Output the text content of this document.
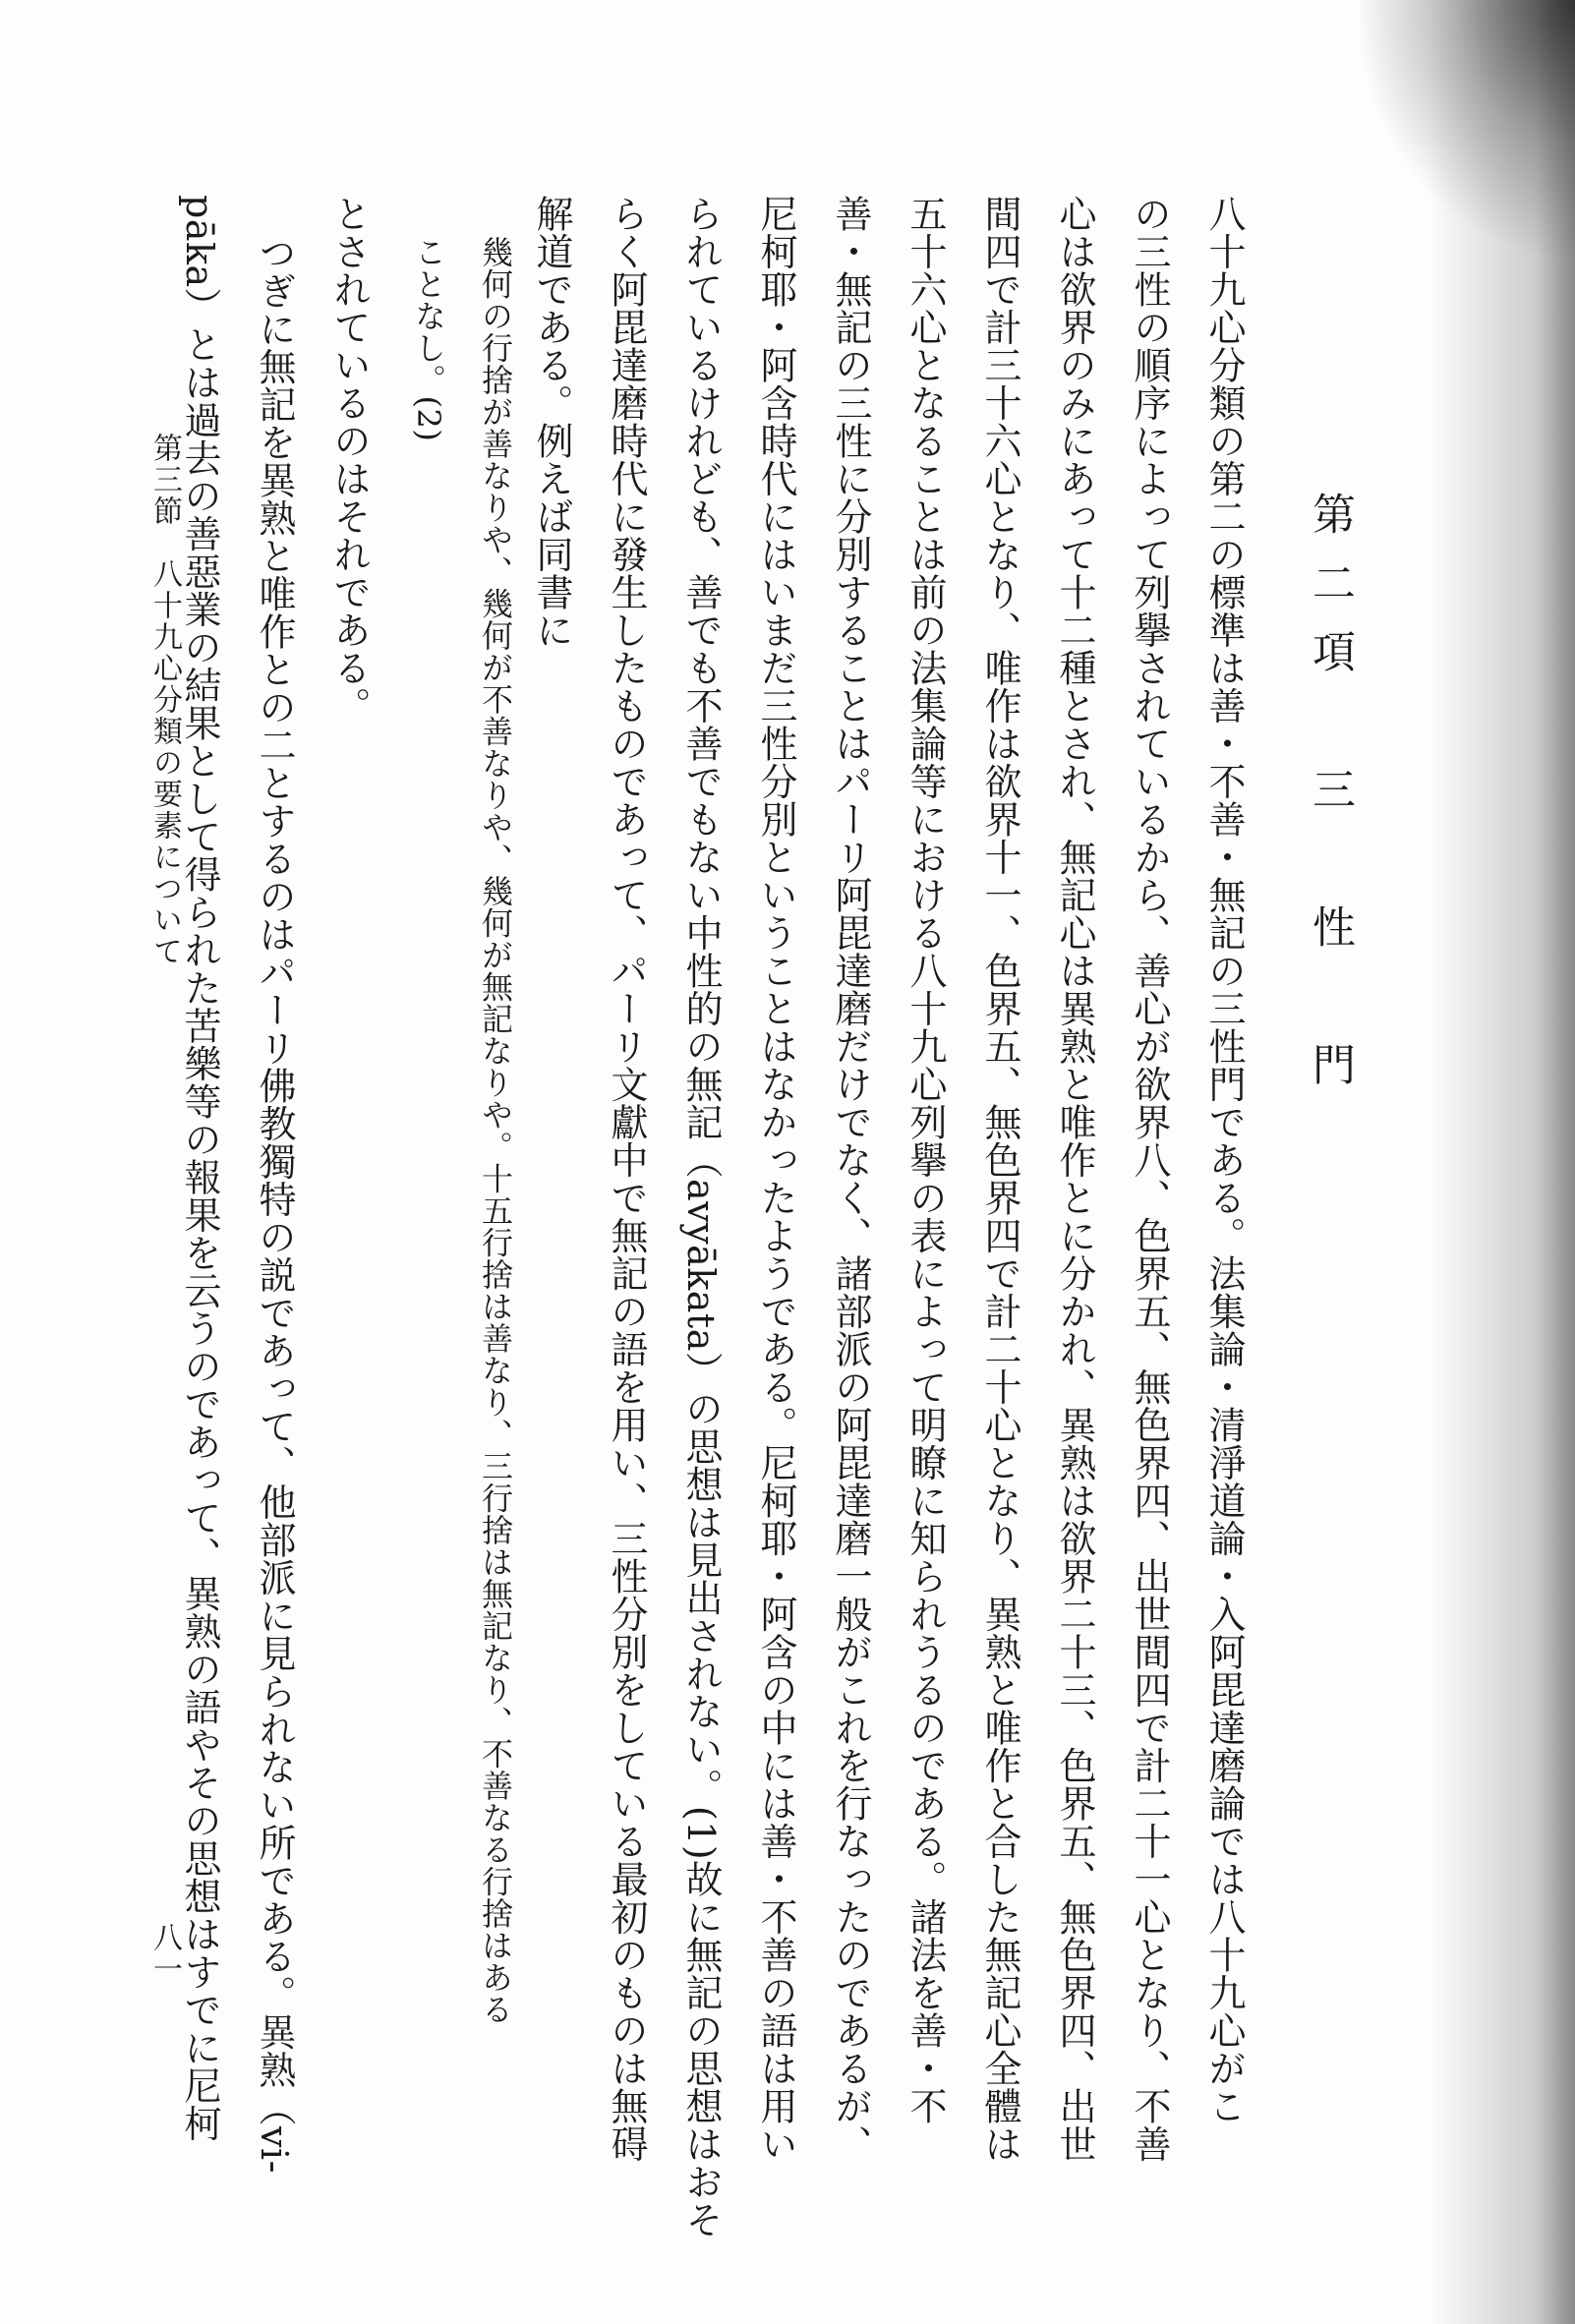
第二項　三　性　門
八十九心分類の第二の標準は善・不善・無記の三性門である。法集論・清淨道論・入阿毘達磨論では八十九心がこ
の三性の順序によって列擧されているから、善心が欲界八、色界五、無色界四、出世間四で計二十一心となり、不善
心は欲界のみにあって十二種とされ、無記心は異熟と唯作とに分かれ、異熟は欲界二十三、色界五、無色界四、出世
間四で計三十六心となり、唯作は欲界十一、色界五、無色界四で計二十心となり、異熟と唯作と合した無記心全體は
五十六心となることは前の法集論等における八十九心列擧の表によって明瞭に知られうるのである。諸法を善・不
善・無記の三性に分別することはパーリ阿毘達磨だけでなく、諸部派の阿毘達磨一般がこれを行なったのであるが、
尼柯耶・阿含時代にはいまだ三性分別ということはなかったようである。尼柯耶・阿含の中には善・不善の語は用い
られているけれども、善でも不善でもない中性的の無記（avyākata）の思想は見出されない。(1)故に無記の思想はおそ
らく阿毘達磨時代に發生したものであって、パーリ文獻中で無記の語を用い、三性分別をしている最初のものは無碍
解道である。例えば同書に
幾何の行捨が善なりや、幾何が不善なりや、幾何が無記なりや。十五行捨は善なり、三行捨は無記なり、不善なる行捨はある
ことなし。(2)
とされているのはそれである。
つぎに無記を異熟と唯作との二とするのはパーリ佛教獨特の説であって、他部派に見られない所である。異熟（vi-
pāka）とは過去の善惡業の結果として得られた苦樂等の報果を云うのであって、異熟の語やその思想はすでに尼柯
第三節　八十九心分類の要素について
八一
